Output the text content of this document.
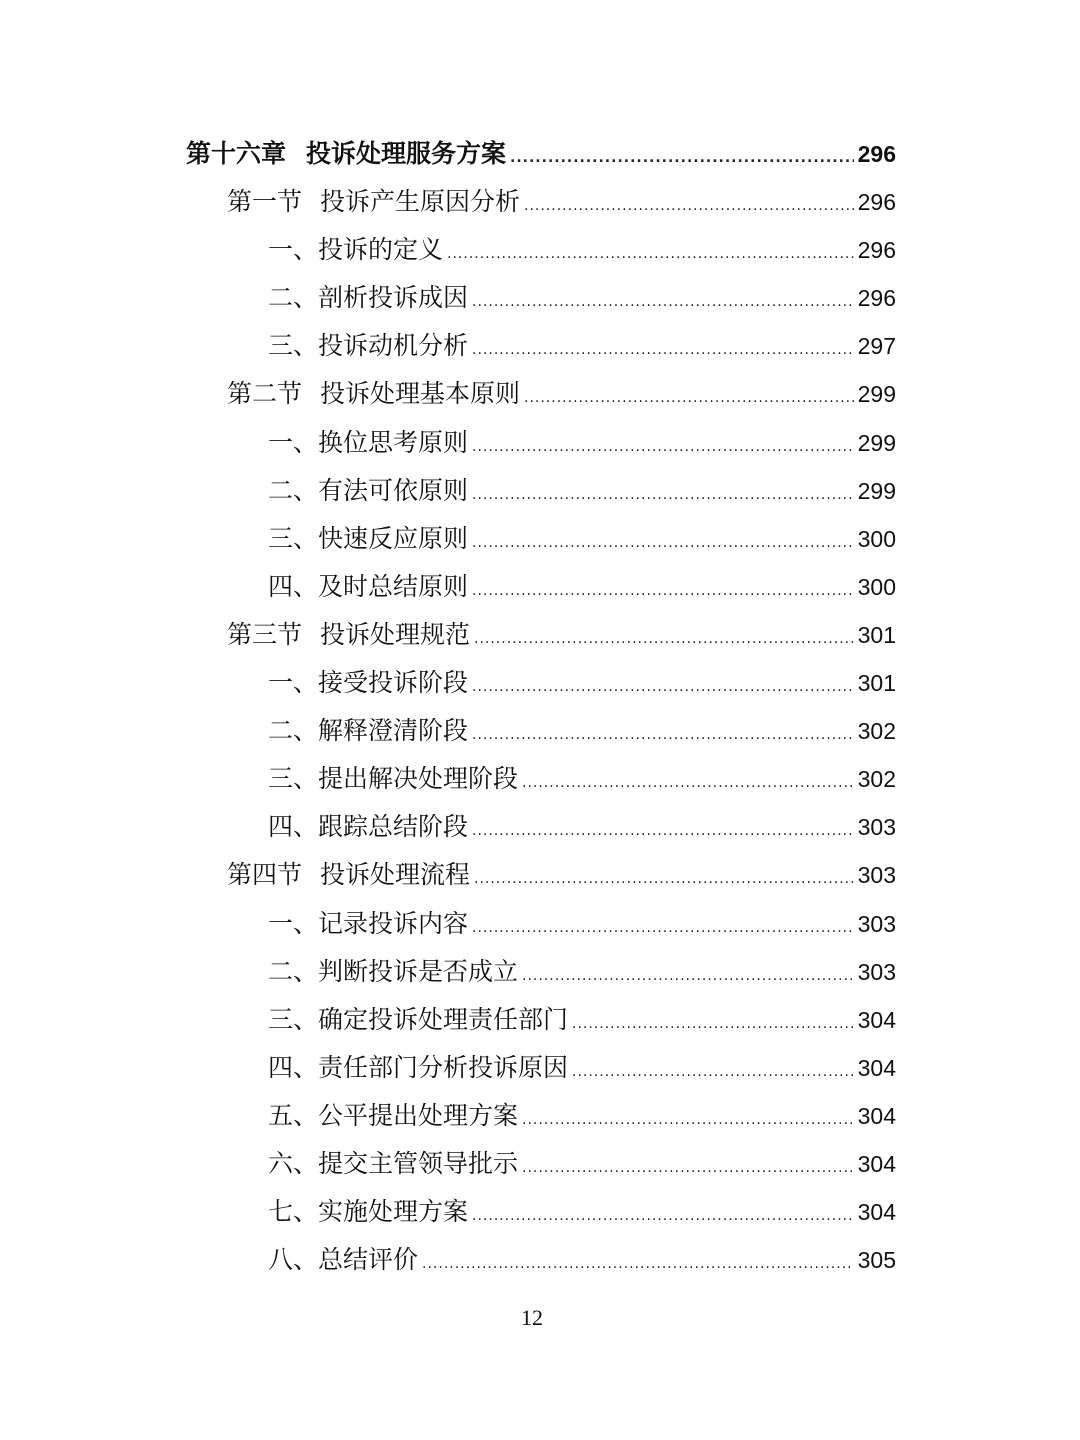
第十六章 投诉处理服务方案 .....	296
第一节 投诉产生原因分析 .....	296
一、 投诉的定义 .....	296
二、 剖析投诉成因 .....	296
三、 投诉动机分析 .....	297
第二节 投诉处理基本原则 .....	299
一、 换位思考原则 .....	299
二、 有法可依原则 .....	299
三、 快速反应原则 .....	300
四、 及时总结原则 .....	300
第三节 投诉处理规范 .....	301
一、 接受投诉阶段 .....	301
二、 解释澄清阶段 .....	302
三、 提出解决处理阶段 .....	302
四、 跟踪总结阶段 .....	303
第四节 投诉处理流程 .....	303
一、 记录投诉内容 .....	303
二、 判断投诉是否成立 .....	303
三、 确定投诉处理责任部门 .....	304
四、 责任部门分析投诉原因 .....	304
五、 公平提出处理方案 .....	304
六、 提交主管领导批示 .....	304
七、 实施处理方案 .....	304
八、 总结评价 .....	305
12
